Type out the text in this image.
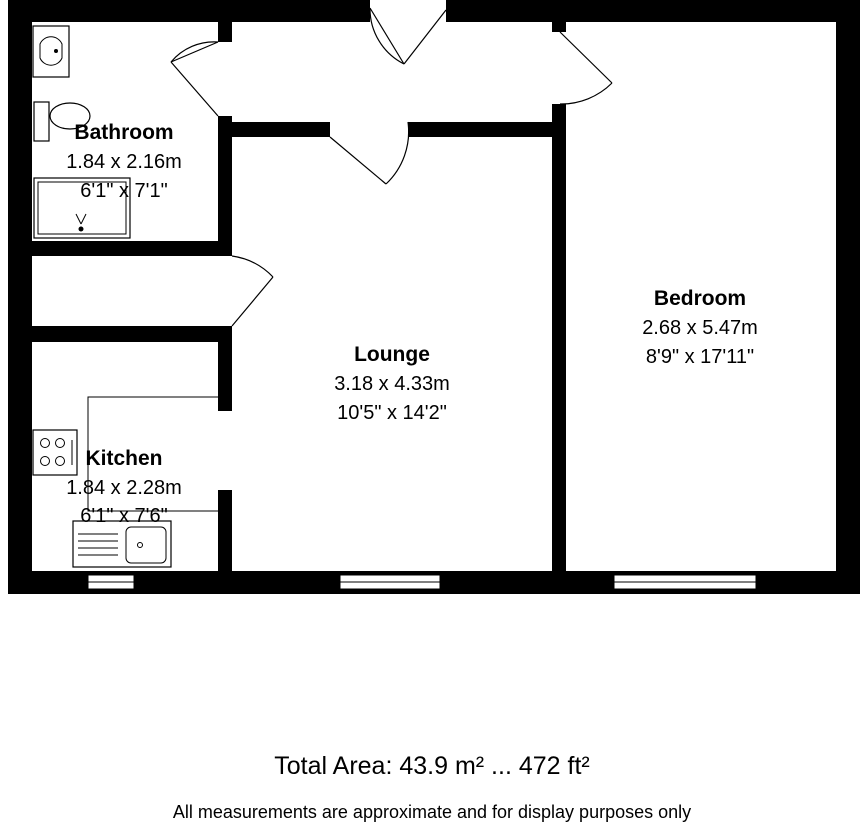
Bathroom
1.84 x 2.16m
6'1" x 7'1"
Lounge
3.18 x 4.33m
10'5" x 14'2"
Bedroom
2.68 x 5.47m
8'9" x 17'11"
Kitchen
1.84 x 2.28m
6'1" x 7'6"
Total Area: 43.9 m² ... 472 ft²
All measurements are approximate and for display purposes only
